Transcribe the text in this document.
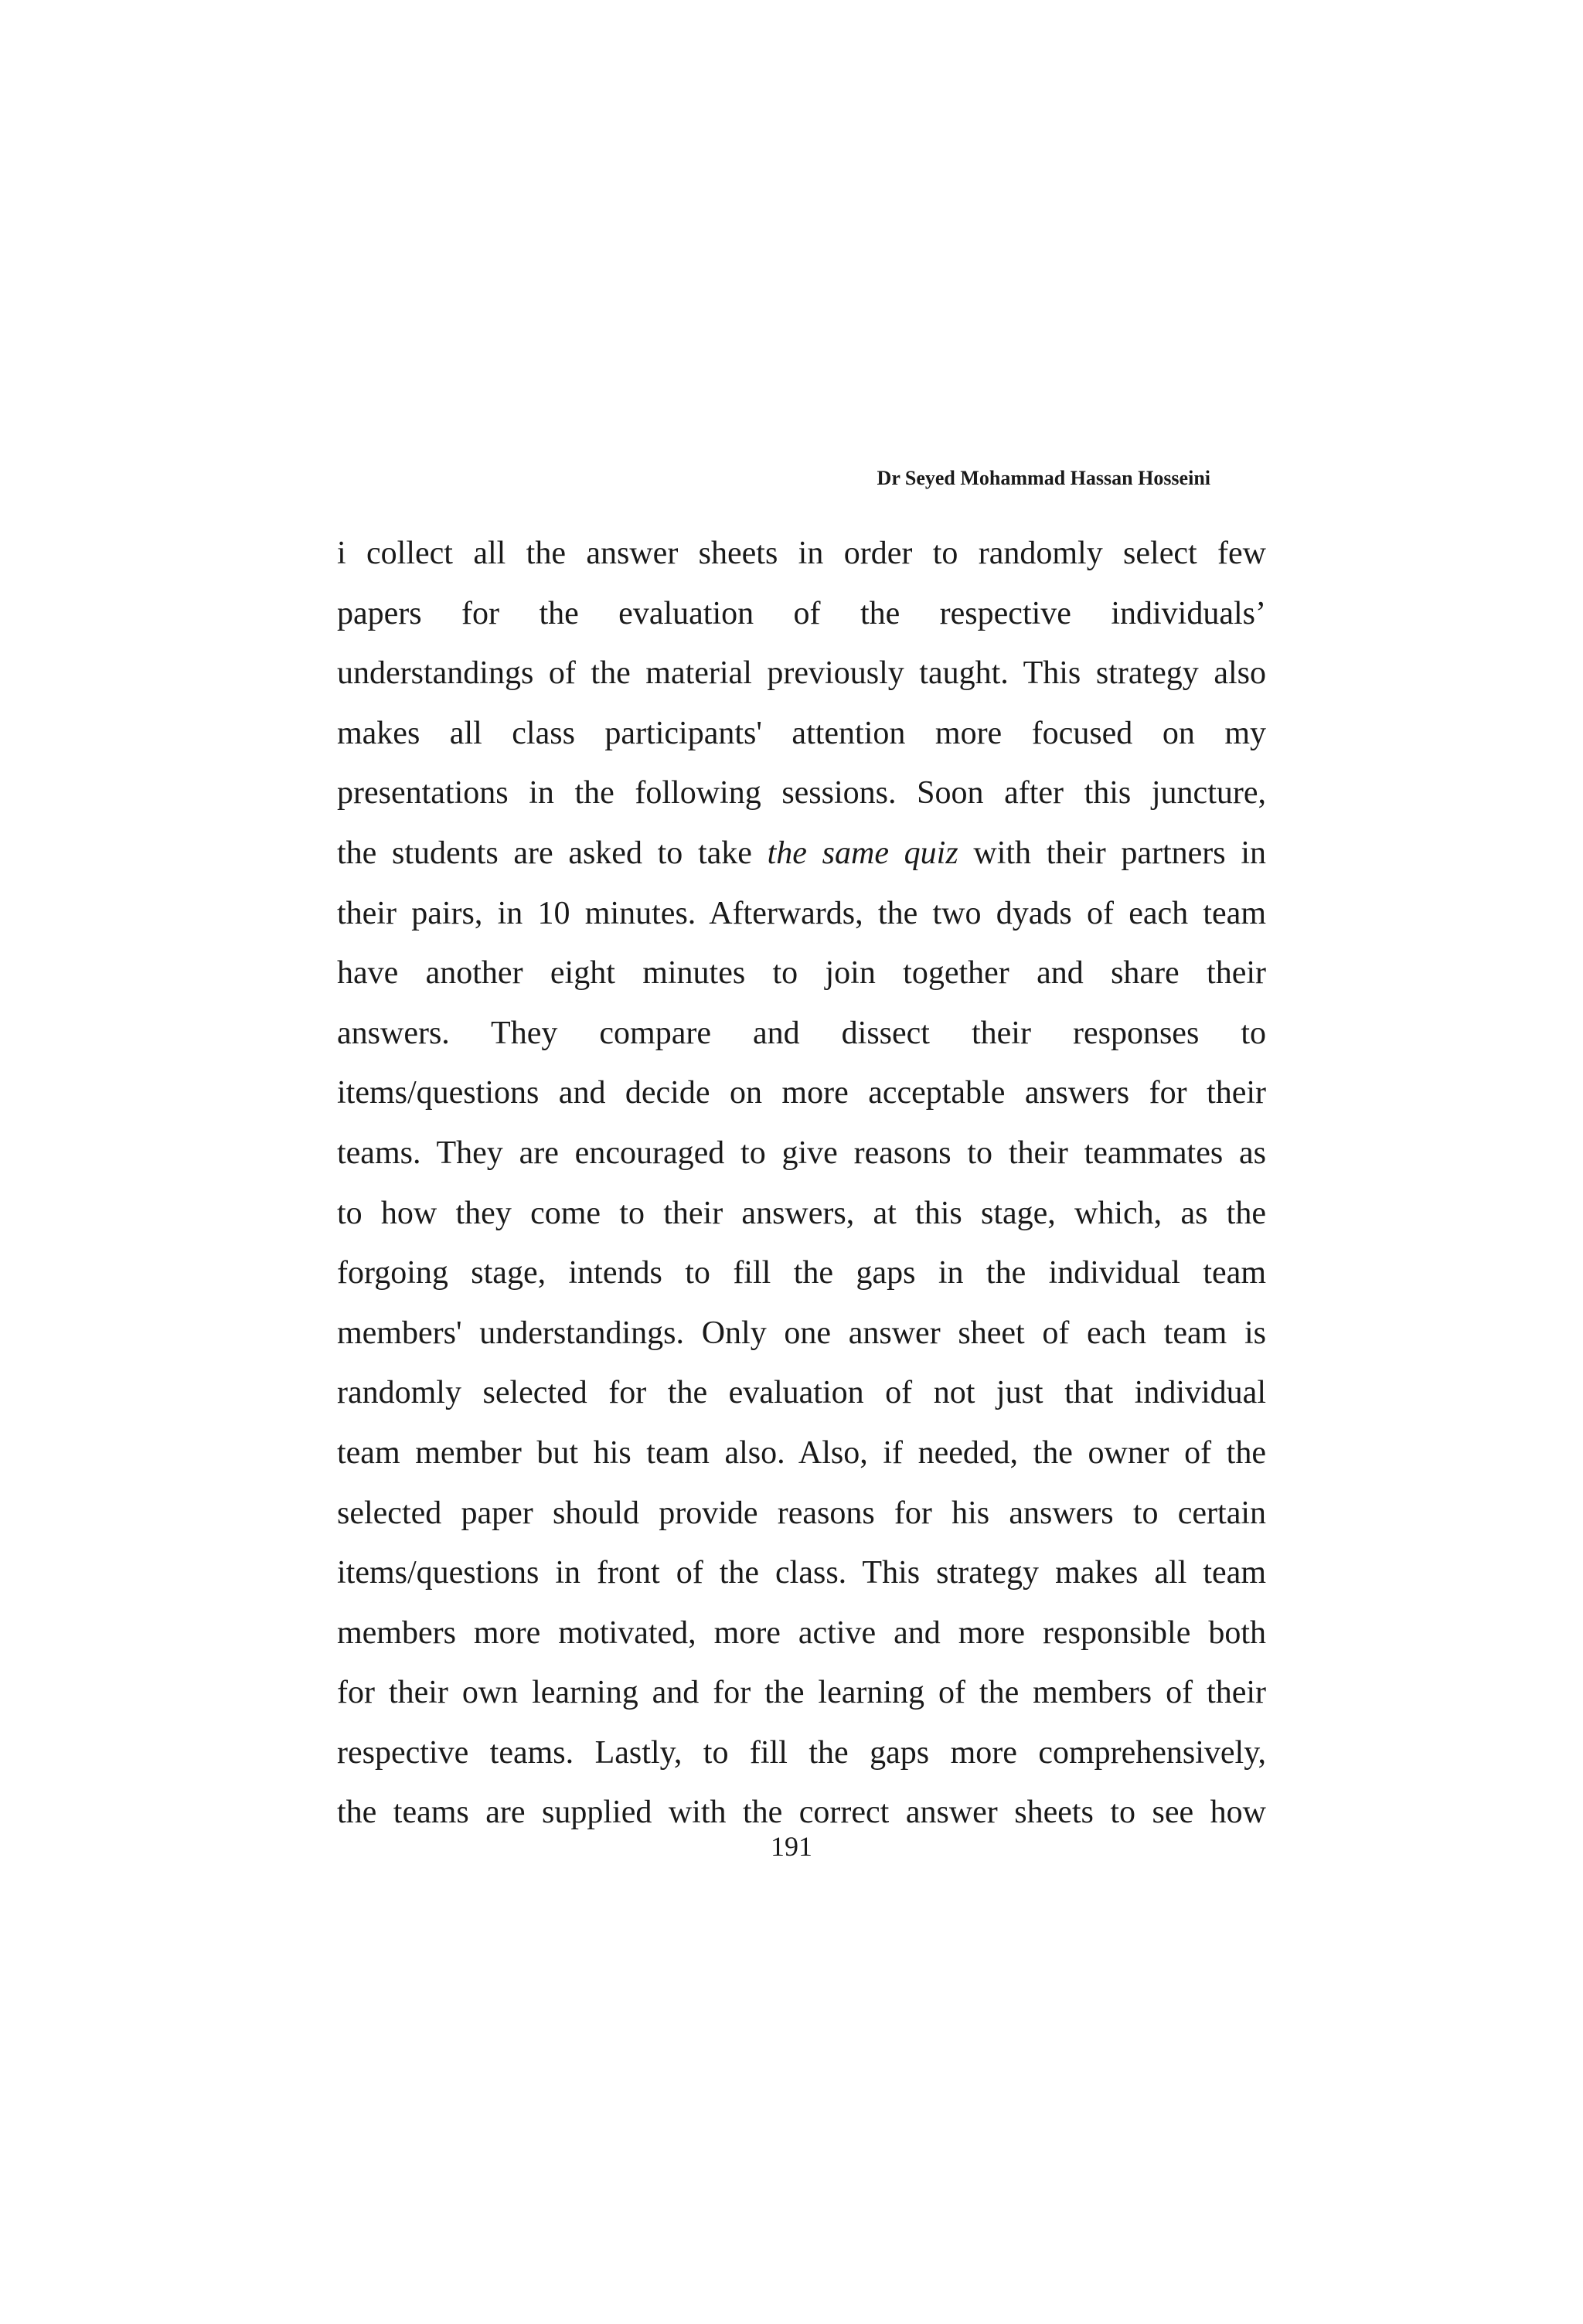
Dr Seyed Mohammad Hassan Hosseini
i collect all the answer sheets in order to randomly select few
papers for the evaluation of the respective individuals’
understandings of the material previously taught. This strategy also
makes all class participants' attention more focused on my
presentations in the following sessions. Soon after this juncture,
the students are asked to take the same quiz with their partners in
their pairs, in 10 minutes. Afterwards, the two dyads of each team
have another eight minutes to join together and share their
answers. They compare and dissect their responses to
items/questions and decide on more acceptable answers for their
teams. They are encouraged to give reasons to their teammates as
to how they come to their answers, at this stage, which, as the
forgoing stage, intends to fill the gaps in the individual team
members' understandings. Only one answer sheet of each team is
randomly selected for the evaluation of not just that individual
team member but his team also. Also, if needed, the owner of the
selected paper should provide reasons for his answers to certain
items/questions in front of the class. This strategy makes all team
members more motivated, more active and more responsible both
for their own learning and for the learning of the members of their
respective teams. Lastly, to fill the gaps more comprehensively,
the teams are supplied with the correct answer sheets to see how
191
